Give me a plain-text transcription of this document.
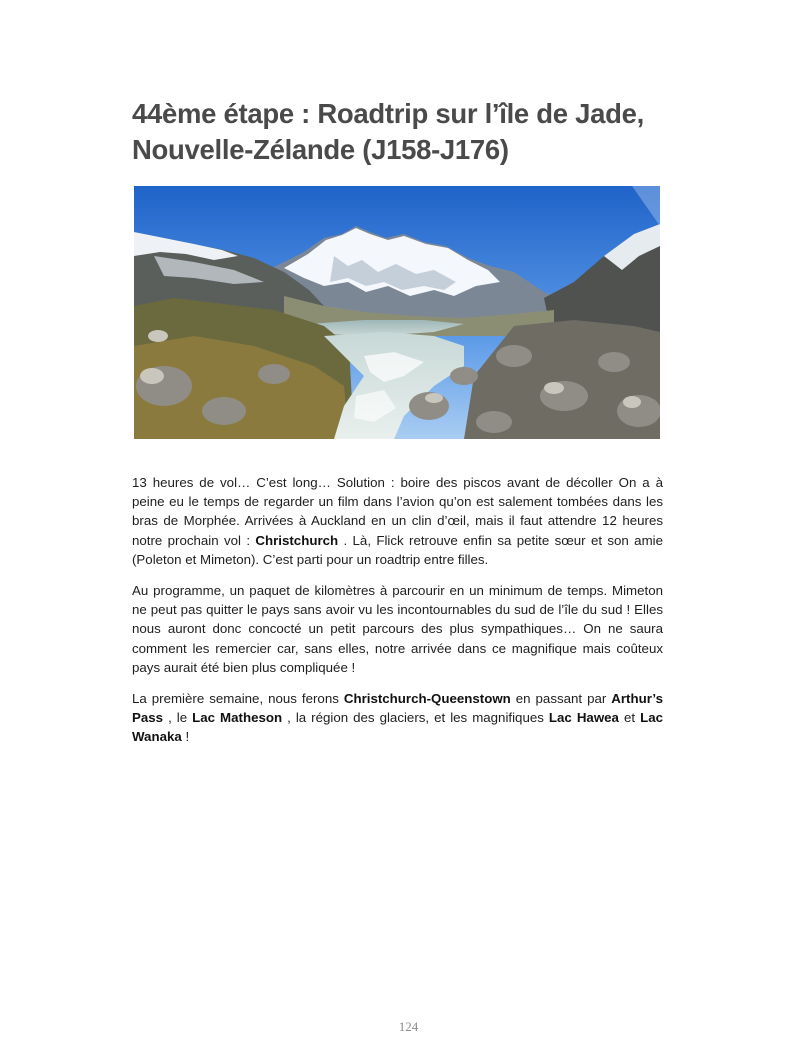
44ème étape : Roadtrip sur l’île de Jade,
Nouvelle-Zélande (J158-J176)

13 heures de vol… C’est long… Solution : boire des piscos avant de décoller On a à peine eu le temps de regarder un film dans l’avion qu’on est salement tombées dans les bras de Morphée. Arrivées à Auckland en un clin d’œil, mais il faut attendre 12 heures notre prochain vol : Christchurch . Là, Flick retrouve enfin sa petite sœur et son amie (Poleton et Mimeton). C’est parti pour un roadtrip entre filles.

Au programme, un paquet de kilomètres à parcourir en un minimum de temps. Mimeton ne peut pas quitter le pays sans avoir vu les incontournables du sud de l’île du sud ! Elles nous auront donc concocté un petit parcours des plus sympathiques… On ne saura comment les remercier car, sans elles, notre arrivée dans ce magnifique mais coûteux pays aurait été bien plus compliquée !

La première semaine, nous ferons Christchurch-Queenstown en passant par Arthur’s Pass , le Lac Matheson , la région des glaciers, et les magnifiques Lac Hawea et Lac Wanaka !

124
